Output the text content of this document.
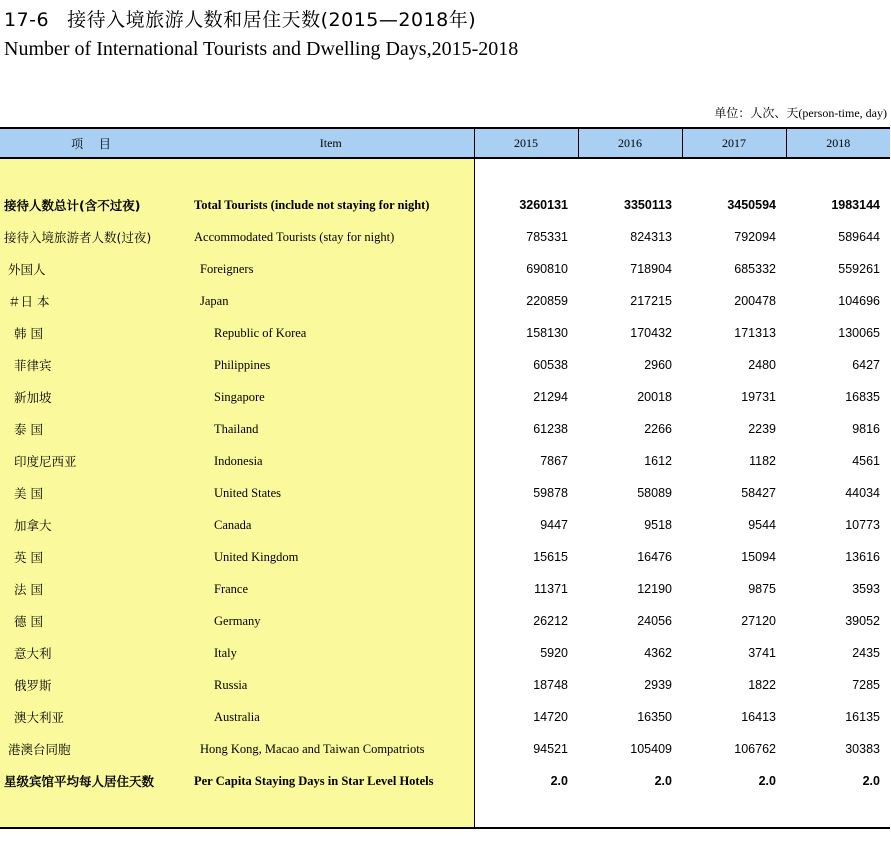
17-6 接待入境旅游人数和居住天数(2015—2018年)
Number of International Tourists and Dwelling Days,2015-2018
单位：人次、天(person-time, day)
项 目	Item	2015	2016	2017	2018

接待人数总计(含不过夜)	Total Tourists (include not staying for night)	3260131	3350113	3450594	1983144
接待入境旅游者人数(过夜)	Accommodated Tourists (stay for night)	785331	824313	792094	589644
外国人	Foreigners	690810	718904	685332	559261
＃日 本	Japan	220859	217215	200478	104696
韩 国	Republic of Korea	158130	170432	171313	130065
菲律宾	Philippines	60538	2960	2480	6427
新加坡	Singapore	21294	20018	19731	16835
泰 国	Thailand	61238	2266	2239	9816
印度尼西亚	Indonesia	7867	1612	1182	4561
美 国	United States	59878	58089	58427	44034
加拿大	Canada	9447	9518	9544	10773
英 国	United Kingdom	15615	16476	15094	13616
法 国	France	11371	12190	9875	3593
德 国	Germany	26212	24056	27120	39052
意大利	Italy	5920	4362	3741	2435
俄罗斯	Russia	18748	2939	1822	7285
澳大利亚	Australia	14720	16350	16413	16135
港澳台同胞	Hong Kong, Macao and Taiwan Compatriots	94521	105409	106762	30383
星级宾馆平均每人居住天数	Per Capita Staying Days in Star Level Hotels	2.0	2.0	2.0	2.0
